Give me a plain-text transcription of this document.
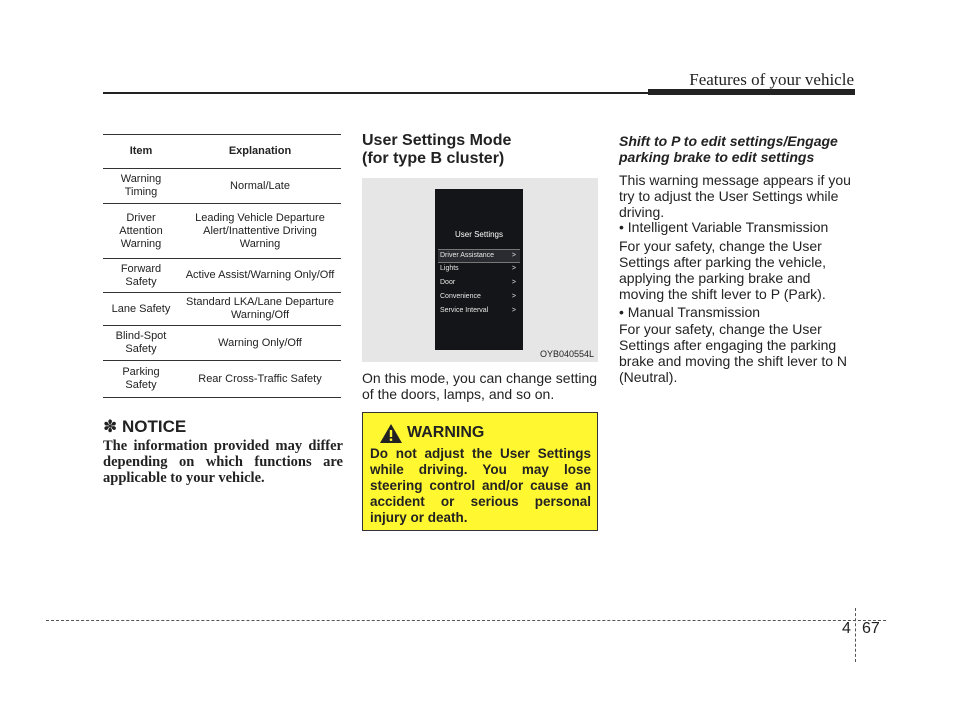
Features of your vehicle
Item	Explanation

Warning
Timing	Normal/Late

Driver
Attention
Warning	Leading Vehicle Departure Alert/Inattentive Driving Warning

Forward
Safety	Active Assist/Warning Only/Off

Lane Safety	Standard LKA/Lane Departure Warning/Off

Blind-Spot
Safety	Warning Only/Off

Parking Safety	Rear Cross-Traffic Safety
✽ NOTICE
The information provided may differ depending on which functions are applicable to your vehicle.
User Settings Mode
(for type B cluster)
User Settings
Driver Assistance	>
Lights	>
Door	>
Convenience	>
Service Interval	>
OYB040554L
On this mode, you can change setting of the doors, lamps, and so on.
WARNING
Do not adjust the User Settings while driving. You may lose steering control and/or cause an accident or serious personal injury or death.
Shift to P to edit settings/Engage parking brake to edit settings
This warning message appears if you try to adjust the User Settings while driving.
• Intelligent Variable Transmission
For your safety, change the User Settings after parking the vehicle, applying the parking brake and moving the shift lever to P (Park).
• Manual Transmission
For your safety, change the User Settings after engaging the parking brake and moving the shift lever to N (Neutral).
4 67
